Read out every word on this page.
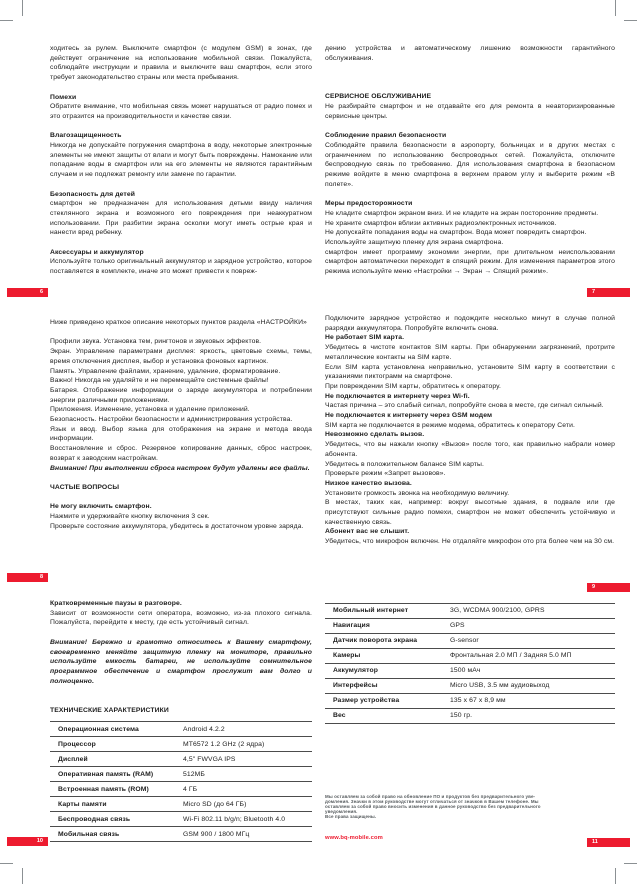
ходитесь за рулем. Выключите смартфон (с модулем GSM) в зонах, где действует ограничение на использование мобильной связи. Пожалуйста, соблюдайте инструкции и правила и выключите ваш смартфон, если этого требует законодательство страны или места пребывания.
Помехи
Обратите внимание, что мобильная связь может нарушаться от радио помех и это отразится на производительности и качестве связи.
Влагозащищенность
Никогда не допускайте погружения смартфона в воду, некоторые электронные элементы не имеют защиты от влаги и могут быть повреждены. Намокание или попадание воды в смартфон или на его элементы не являются гарантийным случаем и не подлежат ремонту или замене по гарантии.
Безопасность для детей
смартфон не предназначен для использования детьми ввиду наличия стеклянного экрана и возможного его повреждения при неаккуратном использовании. При разбитии экрана осколки могут иметь острые края и нанести вред ребенку.
Аксессуары и аккумулятор
Используйте только оригинальный аккумулятор и зарядное устройство, которое поставляется в комплекте, иначе это может привести к повреж-
Ниже приведено краткое описание некоторых пунктов раздела «НАСТРОЙКИ»
Профили звука. Установка тем, рингтонов и звуковых эффектов.
Экран. Управление параметрами дисплея: яркость, цветовые схемы, темы, время отключения дисплея, выбор и установка фоновых картинок.
Память. Управление файлами, хранение, удаление, форматирование.
Важно! Никогда не удаляйте и не перемещайте системные файлы!
Батарея. Отображение информации о заряде аккумулятора и потреблении энергии различными приложениями.
Приложения. Изменение, установка и удаление приложений.
Безопасность. Настройки безопасности и администрирования устройства.
Язык и ввод. Выбор языка для отображения на экране и метода ввода информации.
Восстановление и сброс. Резервное копирование данных, сброс настроек, возврат к заводским настройкам.
Внимание! При выполнении сброса настроек будут удалены все файлы.
ЧАСТЫЕ ВОПРОСЫ
Не могу включить смартфон.
Нажмите и удерживайте кнопку включения 3 сек.
Проверьте состояние аккумулятора, убедитесь в достаточном уровне заряда.
Кратковременные паузы в разговоре.
Зависит от возможности сети оператора, возможно, из-за плохого сигнала. Пожалуйста, перейдите к месту, где есть устойчивый сигнал.
Внимание! Бережно и грамотно относитесь к Вашему смартфону, своевременно меняйте защитную пленку на мониторе, правильно используйте емкость батареи, не используйте сомнительное программное обеспечение и смартфон прослужит вам долго и полноценно.
ТЕХНИЧЕСКИЕ ХАРАКТЕРИСТИКИ
Операционная система	Android 4.2.2
Процессор	MT6572 1.2 GHz (2 ядра)
Дисплей	4,5" FWVGA IPS
Оперативная память (RAM)	512МБ
Встроенная память (ROM)	4 ГБ
Карты памяти	Micro SD (до 64 ГБ)
Беспроводная связь	Wi-Fi 802.11 b/g/n; Bluetooth 4.0
Мобильная связь	GSM 900 / 1800 МГц
дению устройства и автоматическому лишению возможности гарантийного обслуживания.
СЕРВИСНОЕ ОБСЛУЖИВАНИЕ
Не разбирайте смартфон и не отдавайте его для ремонта в неавторизированные сервисные центры.
Соблюдение правил безопасности
Соблюдайте правила безопасности в аэропорту, больницах и в других местах с ограничением по использованию беспроводных сетей. Пожалуйста, отключите беспроводную связь по требованию. Для использования смартфона в безопасном режиме войдите в меню смартфона в верхнем правом углу и выберите режим «В полете».
Меры предосторожности
Не кладите смартфон экраном вниз. И не кладите на экран посторонние предметы.
Не храните смартфон вблизи активных радиоэлектронных источников.
Не допускайте попадания воды на смартфон. Вода может повредить смартфон.
Используйте защитную пленку для экрана смартфона.
смартфон имеет программу экономии энергии, при длительном неиспользовании смартфон автоматически переходит в спящий режим. Для изменения параметров этого режима используйте меню «Настройки → Экран → Спящий режим».
Подключите зарядное устройство и подождите несколько минут в случае полной разрядки аккумулятора. Попробуйте включить снова.
Не работает SIM карта.
Убедитесь в чистоте контактов SIM карты. При обнаружении загрязнений, протрите металлические контакты на SIM карте.
Если SIM карта установлена неправильно, установите SIM карту в соответствии с указаниями пиктограмм на смартфоне.
При повреждении SIM карты, обратитесь к оператору.
Не подключается в интернету через Wi-fi.
Частая причина – это слабый сигнал, попробуйте снова в месте, где сигнал сильный.
Не подключается к интернету через GSM модем
SIM карта не подключается в режиме модема, обратитесь к оператору Сети.
Невозможно сделать вызов.
Убедитесь, что вы нажали кнопку «Вызов» после того, как правильно набрали номер абонента.
Убедитесь в положительном балансе SIM карты.
Проверьте режим «Запрет вызовов».
Низкое качество вызова.
Установите громкость звонка на необходимую величину.
В местах, таких как, например: вокруг высотные здания, в подвале или где присутствуют сильные радио помехи, смартфон не может обеспечить устойчивую и качественную связь.
Абонент вас не слышит.
Убедитесь, что микрофон включен. Не отдаляйте микрофон ото рта более чем на 30 см.
Мобильный интернет	3G, WCDMA 900/2100, GPRS
Навигация	GPS
Датчик поворота экрана	G-sensor
Камеры	Фронтальная 2.0 МП / Задняя 5.0 МП
Аккумулятор	1500 мАч
Интерфейсы	Micro USB, 3.5 мм аудиовыход
Размер устройства	135 x 67 x 8,9 мм
Вес	150 гр.
Мы оставляем за собой право на обновление ПО и продуктов без предварительного уве-
домления. Значки в этом руководстве могут отличаться от значков в Вашем телефоне. Мы
оставляем за собой право вносить изменения в данное руководство без предварительного
уведомления.
Все права защищены.
www.bq-mobile.com
6	7
8
9
10	11
